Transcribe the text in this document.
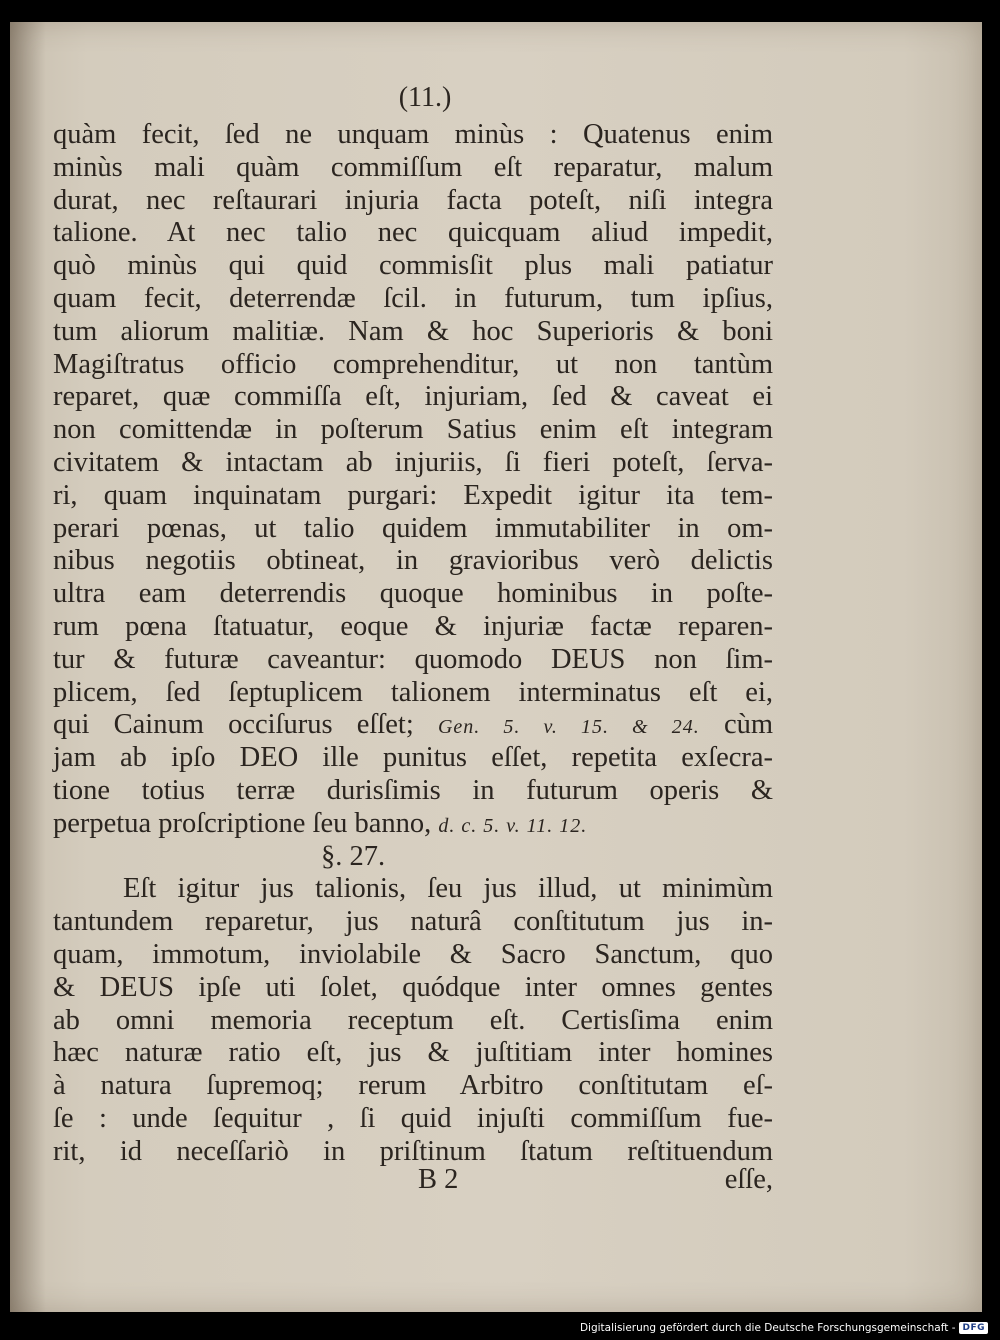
(11.)
quàm fecit, ſed ne unquam minùs : Quatenus enim
minùs mali quàm commiſſum eſt reparatur, malum
durat, nec reſtaurari injuria facta poteſt, niſi integra
talione. At nec talio nec quicquam aliud impedit,
quò minùs qui quid commisſit plus mali patiatur
quam fecit, deterrendæ ſcil. in futurum, tum ipſius,
tum aliorum malitiæ. Nam & hoc Superioris & boni
Magiſtratus officio comprehenditur, ut non tantùm
reparet, quæ commiſſa eſt, injuriam, ſed & caveat ei
non comittendæ in poſterum Satius enim eſt integram
civitatem & intactam ab injuriis, ſi fieri poteſt, ſerva-
ri, quam inquinatam purgari: Expedit igitur ita tem-
perari pœnas, ut talio quidem immutabiliter in om-
nibus negotiis obtineat, in gravioribus verò delictis
ultra eam deterrendis quoque hominibus in poſte-
rum pœna ſtatuatur, eoque & injuriæ factæ reparen-
tur & futuræ caveantur: quomodo DEUS non ſim-
plicem, ſed ſeptuplicem talionem interminatus eſt ei,
qui Cainum occiſurus eſſet; Gen. 5. v. 15. & 24. cùm
jam ab ipſo DEO ille punitus eſſet, repetita exſecra-
tione totius terræ durisſimis in futurum operis &
perpetua proſcriptione ſeu banno, d. c. 5. v. 11. 12.
§. 27.
Eſt igitur jus talionis, ſeu jus illud, ut minimùm
tantundem reparetur, jus naturâ conſtitutum jus in-
quam, immotum, inviolabile & Sacro Sanctum, quo
& DEUS ipſe uti ſolet, quódque inter omnes gentes
ab omni memoria receptum eſt. Certisſima enim
hæc naturæ ratio eſt, jus & juſtitiam inter homines
à natura ſupremoq; rerum Arbitro conſtitutam eſ-
ſe : unde ſequitur , ſi quid injuſti commiſſum fue-
rit, id neceſſariò in priſtinum ſtatum reſtituendum
B 2	eſſe,
Digitalisierung gefördert durch die Deutsche Forschungsgemeinschaft - DFG
